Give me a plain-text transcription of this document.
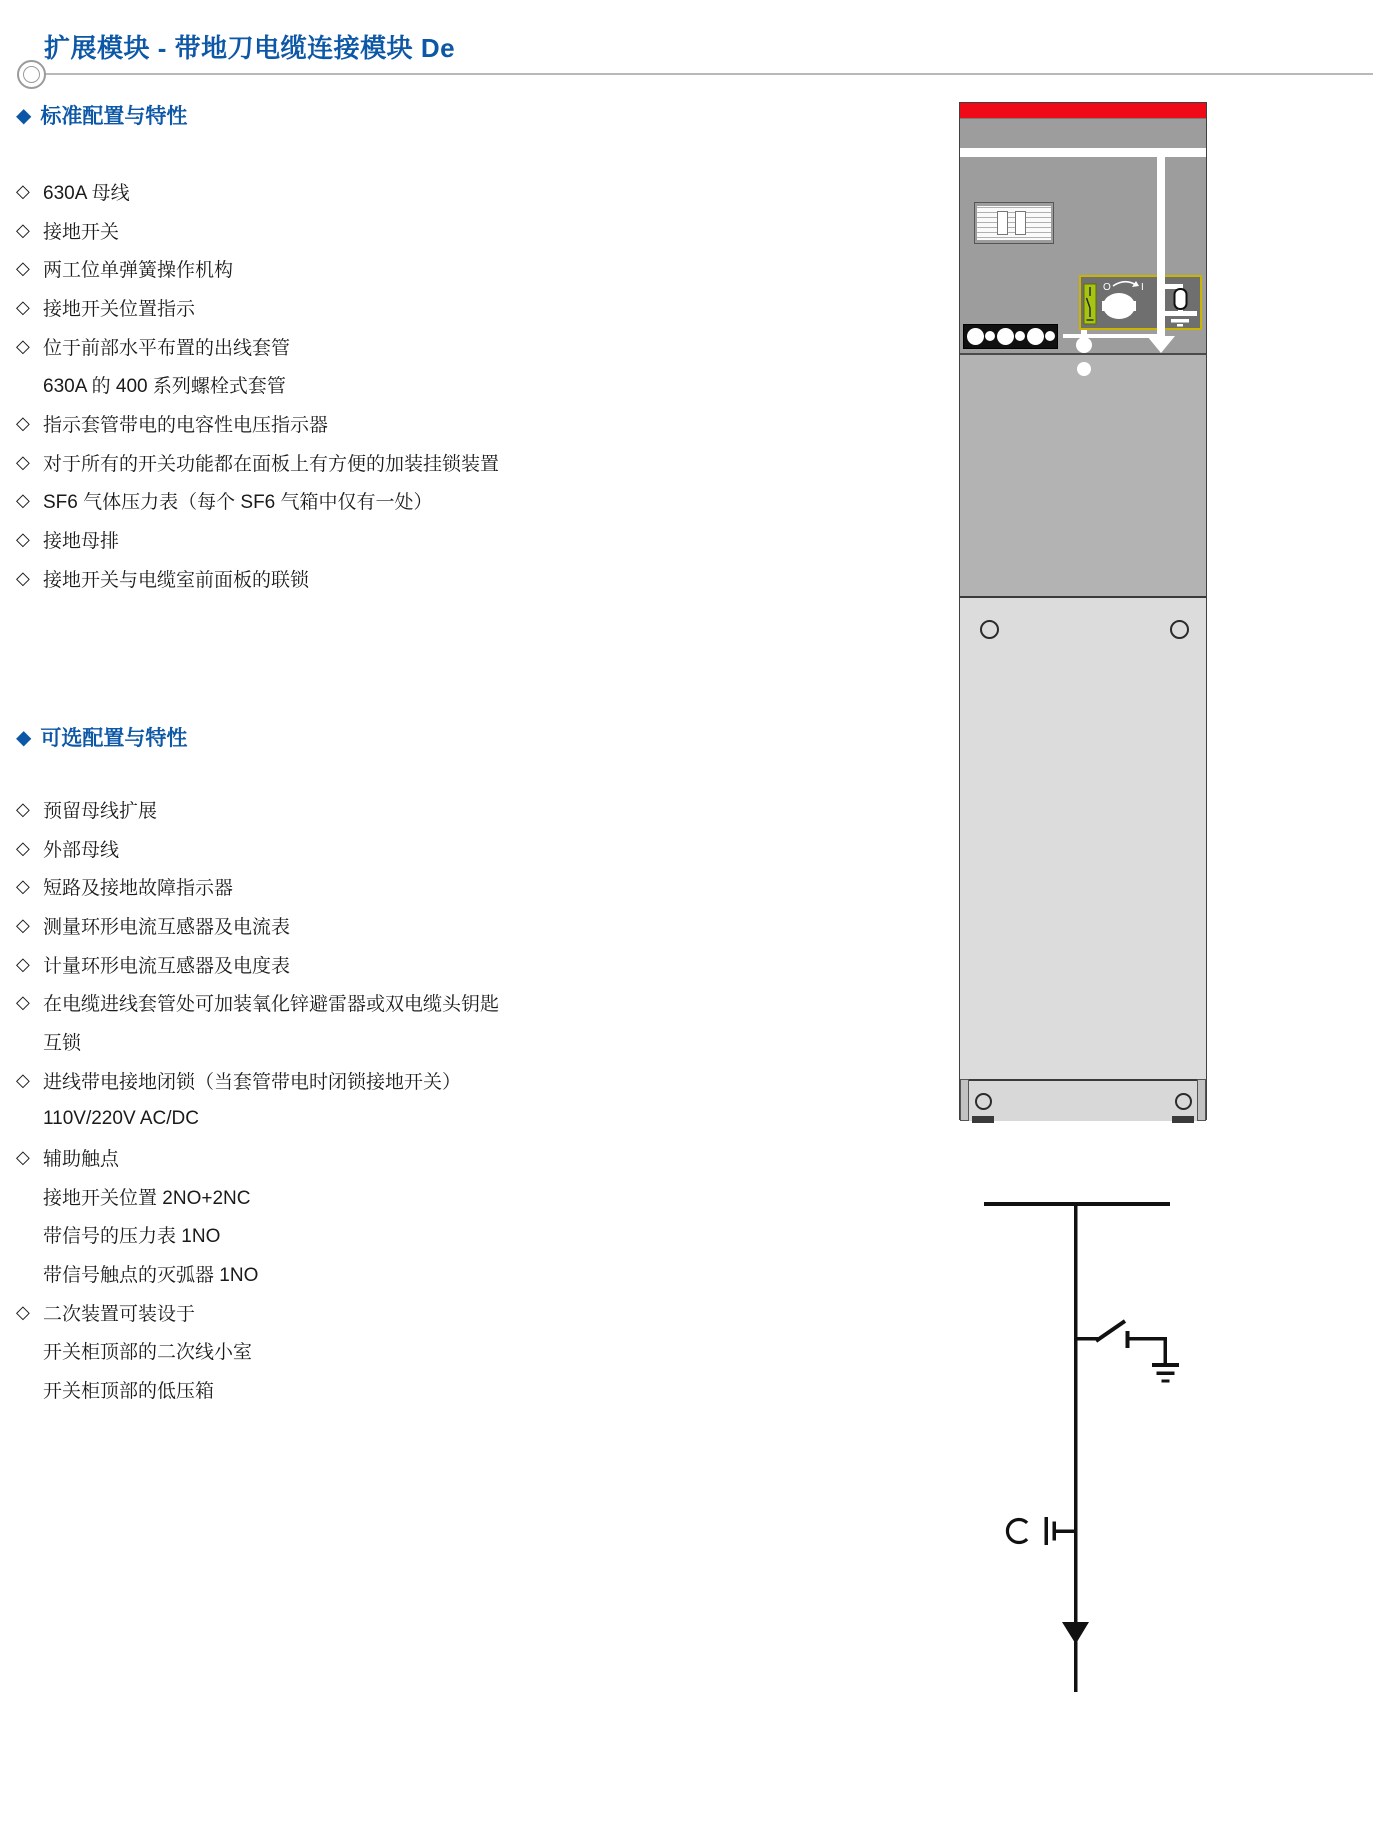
扩展模块 - 带地刀电缆连接模块 De
◆ 标准配置与特性
◇ 630A 母线
◇ 接地开关
◇ 两工位单弹簧操作机构
◇ 接地开关位置指示
◇ 位于前部水平布置的出线套管
630A 的 400 系列螺栓式套管
◇ 指示套管带电的电容性电压指示器
◇ 对于所有的开关功能都在面板上有方便的加装挂锁装置
◇ SF6 气体压力表（每个 SF6 气箱中仅有一处）
◇ 接地母排
◇ 接地开关与电缆室前面板的联锁
◆ 可选配置与特性
◇ 预留母线扩展
◇ 外部母线
◇ 短路及接地故障指示器
◇ 测量环形电流互感器及电流表
◇ 计量环形电流互感器及电度表
◇ 在电缆进线套管处可加装氧化锌避雷器或双电缆头钥匙
互锁
◇ 进线带电接地闭锁（当套管带电时闭锁接地开关）
110V/220V AC/DC
◇ 辅助触点
接地开关位置 2NO+2NC
带信号的压力表 1NO
带信号触点的灭弧器 1NO
◇ 二次装置可装设于
开关柜顶部的二次线小室
开关柜顶部的低压箱
O	I
